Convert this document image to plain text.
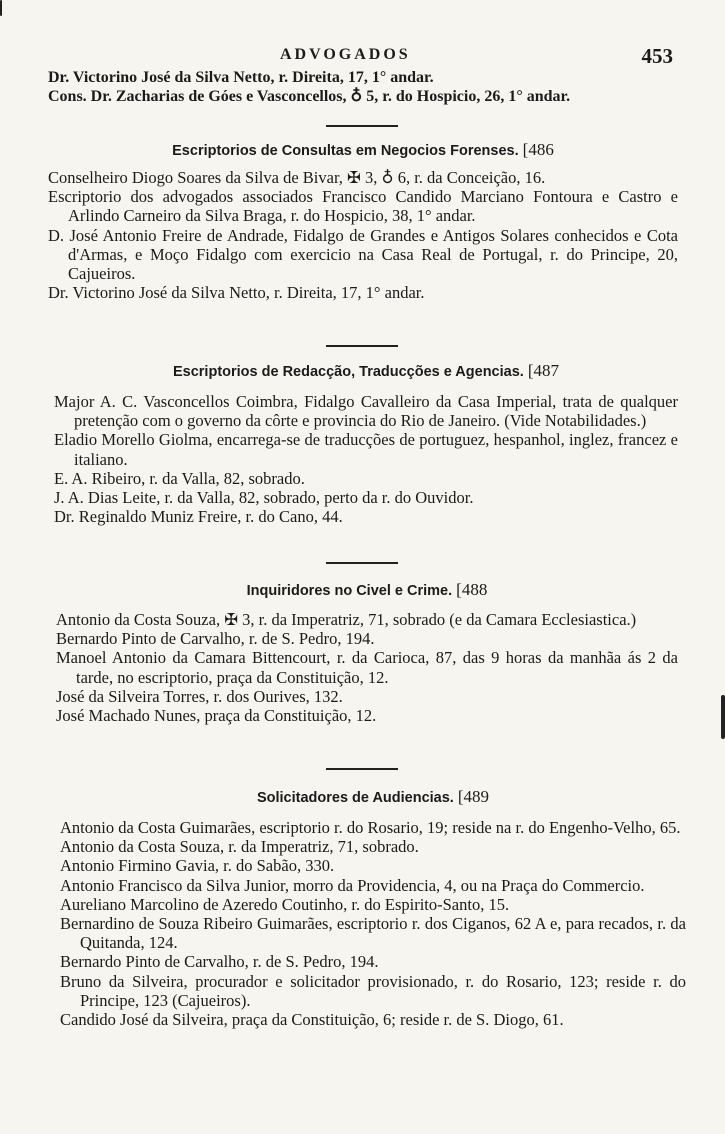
ADVOGADOS	453

Dr. Victorino José da Silva Netto, r. Direita, 17, 1° andar.

Cons. Dr. Zacharias de Góes e Vasconcellos, ♁ 5, r. do Hospicio, 26, 1° andar.

Escriptorios de Consultas em Negocios Forenses. [486

Conselheiro Diogo Soares da Silva de Bivar, ✠ 3, ♁ 6, r. da Conceição, 16.

Escriptorio dos advogados associados Francisco Candido Marciano Fontoura e Castro e Arlindo Carneiro da Silva Braga, r. do Hospicio, 38, 1° andar.

D. José Antonio Freire de Andrade, Fidalgo de Grandes e Antigos Solares conhecidos e Cota d'Armas, e Moço Fidalgo com exercicio na Casa Real de Portugal, r. do Principe, 20, Cajueiros.

Dr. Victorino José da Silva Netto, r. Direita, 17, 1° andar.

Escriptorios de Redacção, Traducções e Agencias. [487

Major A. C. Vasconcellos Coimbra, Fidalgo Cavalleiro da Casa Imperial, trata de qualquer pretenção com o governo da côrte e provincia do Rio de Janeiro. (Vide Notabilidades.)

Eladio Morello Giolma, encarrega-se de traducções de portuguez, hespanhol, inglez, francez e italiano.

E. A. Ribeiro, r. da Valla, 82, sobrado.

J. A. Dias Leite, r. da Valla, 82, sobrado, perto da r. do Ouvidor.

Dr. Reginaldo Muniz Freire, r. do Cano, 44.

Inquiridores no Civel e Crime. [488

Antonio da Costa Souza, ✠ 3, r. da Imperatriz, 71, sobrado (e da Camara Ecclesiastica.)

Bernardo Pinto de Carvalho, r. de S. Pedro, 194.

Manoel Antonio da Camara Bittencourt, r. da Carioca, 87, das 9 horas da manhãa ás 2 da tarde, no escriptorio, praça da Constituição, 12.

José da Silveira Torres, r. dos Ourives, 132.

José Machado Nunes, praça da Constituição, 12.

Solicitadores de Audiencias. [489

Antonio da Costa Guimarães, escriptorio r. do Rosario, 19; reside na r. do Engenho-Velho, 65.

Antonio da Costa Souza, r. da Imperatriz, 71, sobrado.

Antonio Firmino Gavia, r. do Sabão, 330.

Antonio Francisco da Silva Junior, morro da Providencia, 4, ou na Praça do Commercio.

Aureliano Marcolino de Azeredo Coutinho, r. do Espirito-Santo, 15.

Bernardino de Souza Ribeiro Guimarães, escriptorio r. dos Ciganos, 62 A e, para recados, r. da Quitanda, 124.

Bernardo Pinto de Carvalho, r. de S. Pedro, 194.

Bruno da Silveira, procurador e solicitador provisionado, r. do Rosario, 123; reside r. do Principe, 123 (Cajueiros).

Candido José da Silveira, praça da Constituição, 6; reside r. de S. Diogo, 61.
